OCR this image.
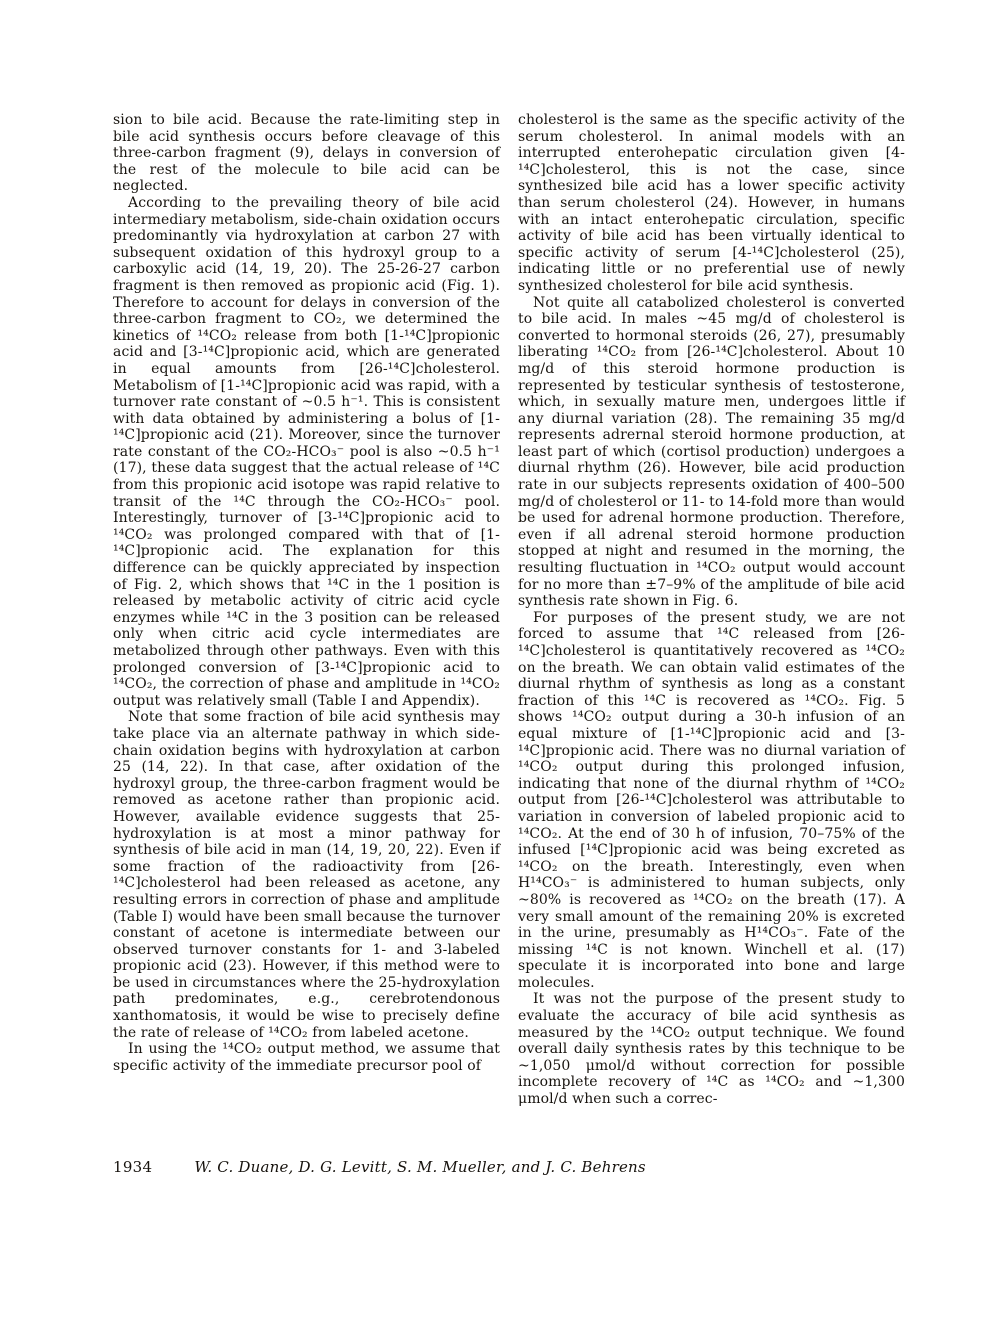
sion to bile acid. Because the rate-limiting step in bile acid synthesis occurs before cleavage of this three-carbon fragment (9), delays in conversion of the rest of the molecule to bile acid can be neglected.

According to the prevailing theory of bile acid intermediary metabolism, side-chain oxidation occurs predominantly via hydroxylation at carbon 27 with subsequent oxidation of this hydroxyl group to a carboxylic acid (14, 19, 20). The 25-26-27 carbon fragment is then removed as propionic acid (Fig. 1). Therefore to account for delays in conversion of the three-carbon fragment to CO₂, we determined the kinetics of ¹⁴CO₂ release from both [1-¹⁴C]propionic acid and [3-¹⁴C]propionic acid, which are generated in equal amounts from [26-¹⁴C]cholesterol. Metabolism of [1-¹⁴C]propionic acid was rapid, with a turnover rate constant of ~0.5 h⁻¹. This is consistent with data obtained by administering a bolus of [1-¹⁴C]propionic acid (21). Moreover, since the turnover rate constant of the CO₂-HCO₃⁻ pool is also ~0.5 h⁻¹ (17), these data suggest that the actual release of ¹⁴C from this propionic acid isotope was rapid relative to transit of the ¹⁴C through the CO₂-HCO₃⁻ pool. Interestingly, turnover of [3-¹⁴C]propionic acid to ¹⁴CO₂ was prolonged compared with that of [1-¹⁴C]propionic acid. The explanation for this difference can be quickly appreciated by inspection of Fig. 2, which shows that ¹⁴C in the 1 position is released by metabolic activity of citric acid cycle enzymes while ¹⁴C in the 3 position can be released only when citric acid cycle intermediates are metabolized through other pathways. Even with this prolonged conversion of [3-¹⁴C]propionic acid to ¹⁴CO₂, the correction of phase and amplitude in ¹⁴CO₂ output was relatively small (Table I and Appendix).

Note that some fraction of bile acid synthesis may take place via an alternate pathway in which side-chain oxidation begins with hydroxylation at carbon 25 (14, 22). In that case, after oxidation of the hydroxyl group, the three-carbon fragment would be removed as acetone rather than propionic acid. However, available evidence suggests that 25-hydroxylation is at most a minor pathway for synthesis of bile acid in man (14, 19, 20, 22). Even if some fraction of the radioactivity from [26-¹⁴C]cholesterol had been released as acetone, any resulting errors in correction of phase and amplitude (Table I) would have been small because the turnover constant of acetone is intermediate between our observed turnover constants for 1- and 3-labeled propionic acid (23). However, if this method were to be used in circumstances where the 25-hydroxylation path predominates, e.g., cerebrotendonous xanthomatosis, it would be wise to precisely define the rate of release of ¹⁴CO₂ from labeled acetone.

In using the ¹⁴CO₂ output method, we assume that specific activity of the immediate precursor pool of

cholesterol is the same as the specific activity of the serum cholesterol. In animal models with an interrupted enterohepatic circulation given [4-¹⁴C]cholesterol, this is not the case, since synthesized bile acid has a lower specific activity than serum cholesterol (24). However, in humans with an intact enterohepatic circulation, specific activity of bile acid has been virtually identical to specific activity of serum [4-¹⁴C]cholesterol (25), indicating little or no preferential use of newly synthesized cholesterol for bile acid synthesis.

Not quite all catabolized cholesterol is converted to bile acid. In males ~45 mg/d of cholesterol is converted to hormonal steroids (26, 27), presumably liberating ¹⁴CO₂ from [26-¹⁴C]cholesterol. About 10 mg/d of this steroid hormone production is represented by testicular synthesis of testosterone, which, in sexually mature men, undergoes little if any diurnal variation (28). The remaining 35 mg/d represents adrernal steroid hormone production, at least part of which (cortisol production) undergoes a diurnal rhythm (26). However, bile acid production rate in our subjects represents oxidation of 400–500 mg/d of cholesterol or 11- to 14-fold more than would be used for adrenal hormone production. Therefore, even if all adrenal steroid hormone production stopped at night and resumed in the morning, the resulting fluctuation in ¹⁴CO₂ output would account for no more than ±7–9% of the amplitude of bile acid synthesis rate shown in Fig. 6.

For purposes of the present study, we are not forced to assume that ¹⁴C released from [26-¹⁴C]cholesterol is quantitatively recovered as ¹⁴CO₂ on the breath. We can obtain valid estimates of the diurnal rhythm of synthesis as long as a constant fraction of this ¹⁴C is recovered as ¹⁴CO₂. Fig. 5 shows ¹⁴CO₂ output during a 30-h infusion of an equal mixture of [1-¹⁴C]propionic acid and [3-¹⁴C]propionic acid. There was no diurnal variation of ¹⁴CO₂ output during this prolonged infusion, indicating that none of the diurnal rhythm of ¹⁴CO₂ output from [26-¹⁴C]cholesterol was attributable to variation in conversion of labeled propionic acid to ¹⁴CO₂. At the end of 30 h of infusion, 70–75% of the infused [¹⁴C]propionic acid was being excreted as ¹⁴CO₂ on the breath. Interestingly, even when H¹⁴CO₃⁻ is administered to human subjects, only ~80% is recovered as ¹⁴CO₂ on the breath (17). A very small amount of the remaining 20% is excreted in the urine, presumably as H¹⁴CO₃⁻. Fate of the missing ¹⁴C is not known. Winchell et al. (17) speculate it is incorporated into bone and large molecules.

It was not the purpose of the present study to evaluate the accuracy of bile acid synthesis as measured by the ¹⁴CO₂ output technique. We found overall daily synthesis rates by this technique to be ~1,050 μmol/d without correction for possible incomplete recovery of ¹⁴C as ¹⁴CO₂ and ~1,300 μmol/d when such a correc-

1934	W. C. Duane, D. G. Levitt, S. M. Mueller, and J. C. Behrens
